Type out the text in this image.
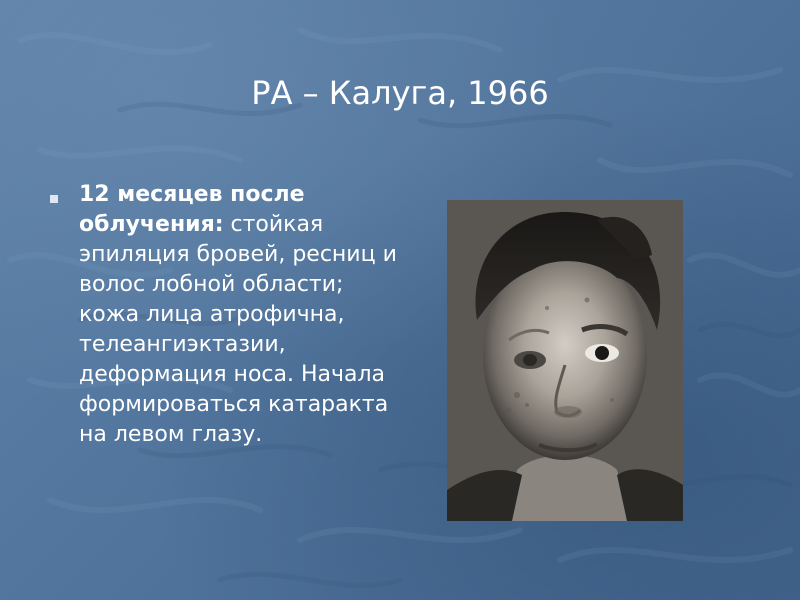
РА – Калуга, 1966
12 месяцев после облучения: стойкая эпиляция бровей, ресниц и волос лобной области; кожа лица атрофична, телеангиэктазии, деформация носа. Начала формироваться катаракта на левом глазу.
